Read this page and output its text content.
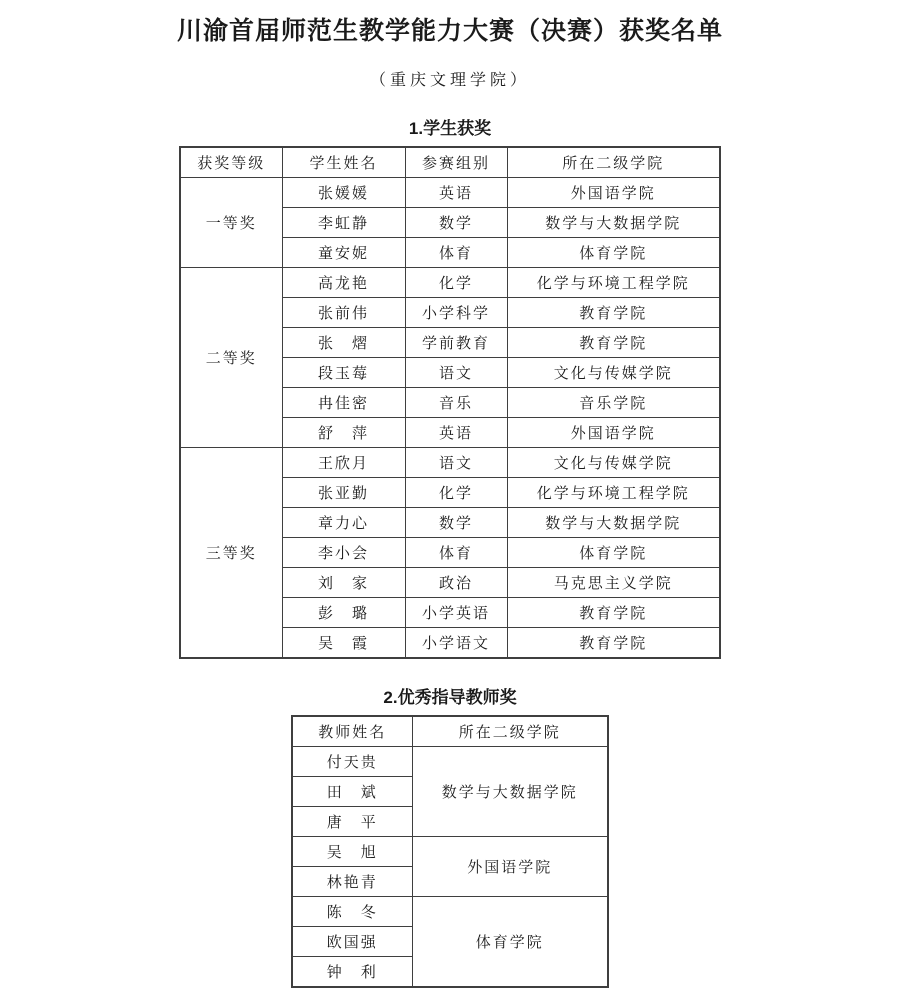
川渝首届师范生教学能力大赛（决赛）获奖名单
（重庆文理学院）
1.学生获奖
获奖等级	学生姓名	参赛组别	所在二级学院
一等奖	张媛媛	英语	外国语学院
	李虹静	数学	数学与大数据学院
	童安妮	体育	体育学院
二等奖	高龙艳	化学	化学与环境工程学院
	张前伟	小学科学	教育学院
	张　熠	学前教育	教育学院
	段玉莓	语文	文化与传媒学院
	冉佳密	音乐	音乐学院
	舒　萍	英语	外国语学院
三等奖	王欣月	语文	文化与传媒学院
	张亚勤	化学	化学与环境工程学院
	章力心	数学	数学与大数据学院
	李小会	体育	体育学院
	刘　家	政治	马克思主义学院
	彭　璐	小学英语	教育学院
	吴　霞	小学语文	教育学院
2.优秀指导教师奖
教师姓名	所在二级学院
付天贵	数学与大数据学院
田　斌	
唐　平	
吴　旭	外国语学院
林艳青	
陈　冬	体育学院
欧国强	
钟　利	
